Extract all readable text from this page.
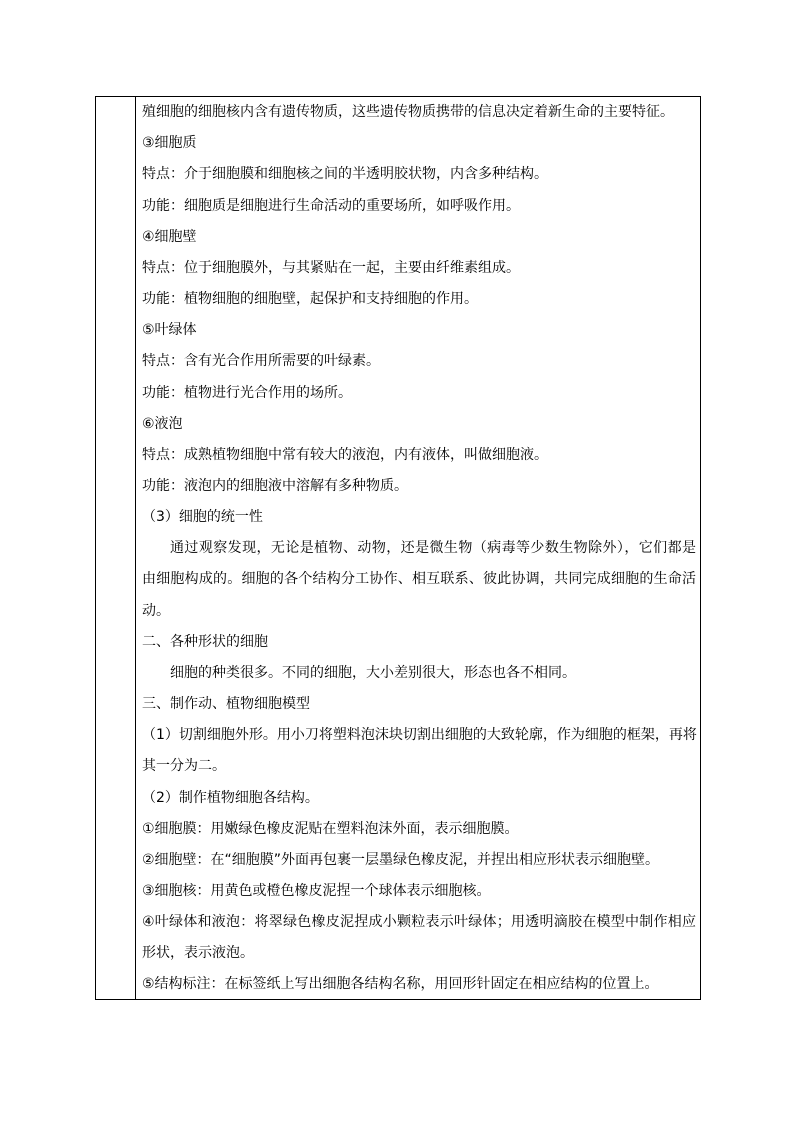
殖细胞的细胞核内含有遗传物质，这些遗传物质携带的信息决定着新生命的主要特征。
③细胞质
特点：介于细胞膜和细胞核之间的半透明胶状物，内含多种结构。
功能：细胞质是细胞进行生命活动的重要场所，如呼吸作用。
④细胞壁
特点：位于细胞膜外，与其紧贴在一起，主要由纤维素组成。
功能：植物细胞的细胞壁，起保护和支持细胞的作用。
⑤叶绿体
特点：含有光合作用所需要的叶绿素。
功能：植物进行光合作用的场所。
⑥液泡
特点：成熟植物细胞中常有较大的液泡，内有液体，叫做细胞液。
功能：液泡内的细胞液中溶解有多种物质。
（3）细胞的统一性
通过观察发现，无论是植物、动物，还是微生物（病毒等少数生物除外），它们都是
由细胞构成的。细胞的各个结构分工协作、相互联系、彼此协调，共同完成细胞的生命活
动。
二、各种形状的细胞
细胞的种类很多。不同的细胞，大小差别很大，形态也各不相同。
三、制作动、植物细胞模型
（1）切割细胞外形。用小刀将塑料泡沫块切割出细胞的大致轮廓，作为细胞的框架，再将
其一分为二。
（2）制作植物细胞各结构。
①细胞膜：用嫩绿色橡皮泥贴在塑料泡沫外面，表示细胞膜。
②细胞壁：在“细胞膜”外面再包裹一层墨绿色橡皮泥，并捏出相应形状表示细胞壁。
③细胞核：用黄色或橙色橡皮泥捏一个球体表示细胞核。
④叶绿体和液泡：将翠绿色橡皮泥捏成小颗粒表示叶绿体；用透明滴胶在模型中制作相应
形状，表示液泡。
⑤结构标注：在标签纸上写出细胞各结构名称，用回形针固定在相应结构的位置上。
